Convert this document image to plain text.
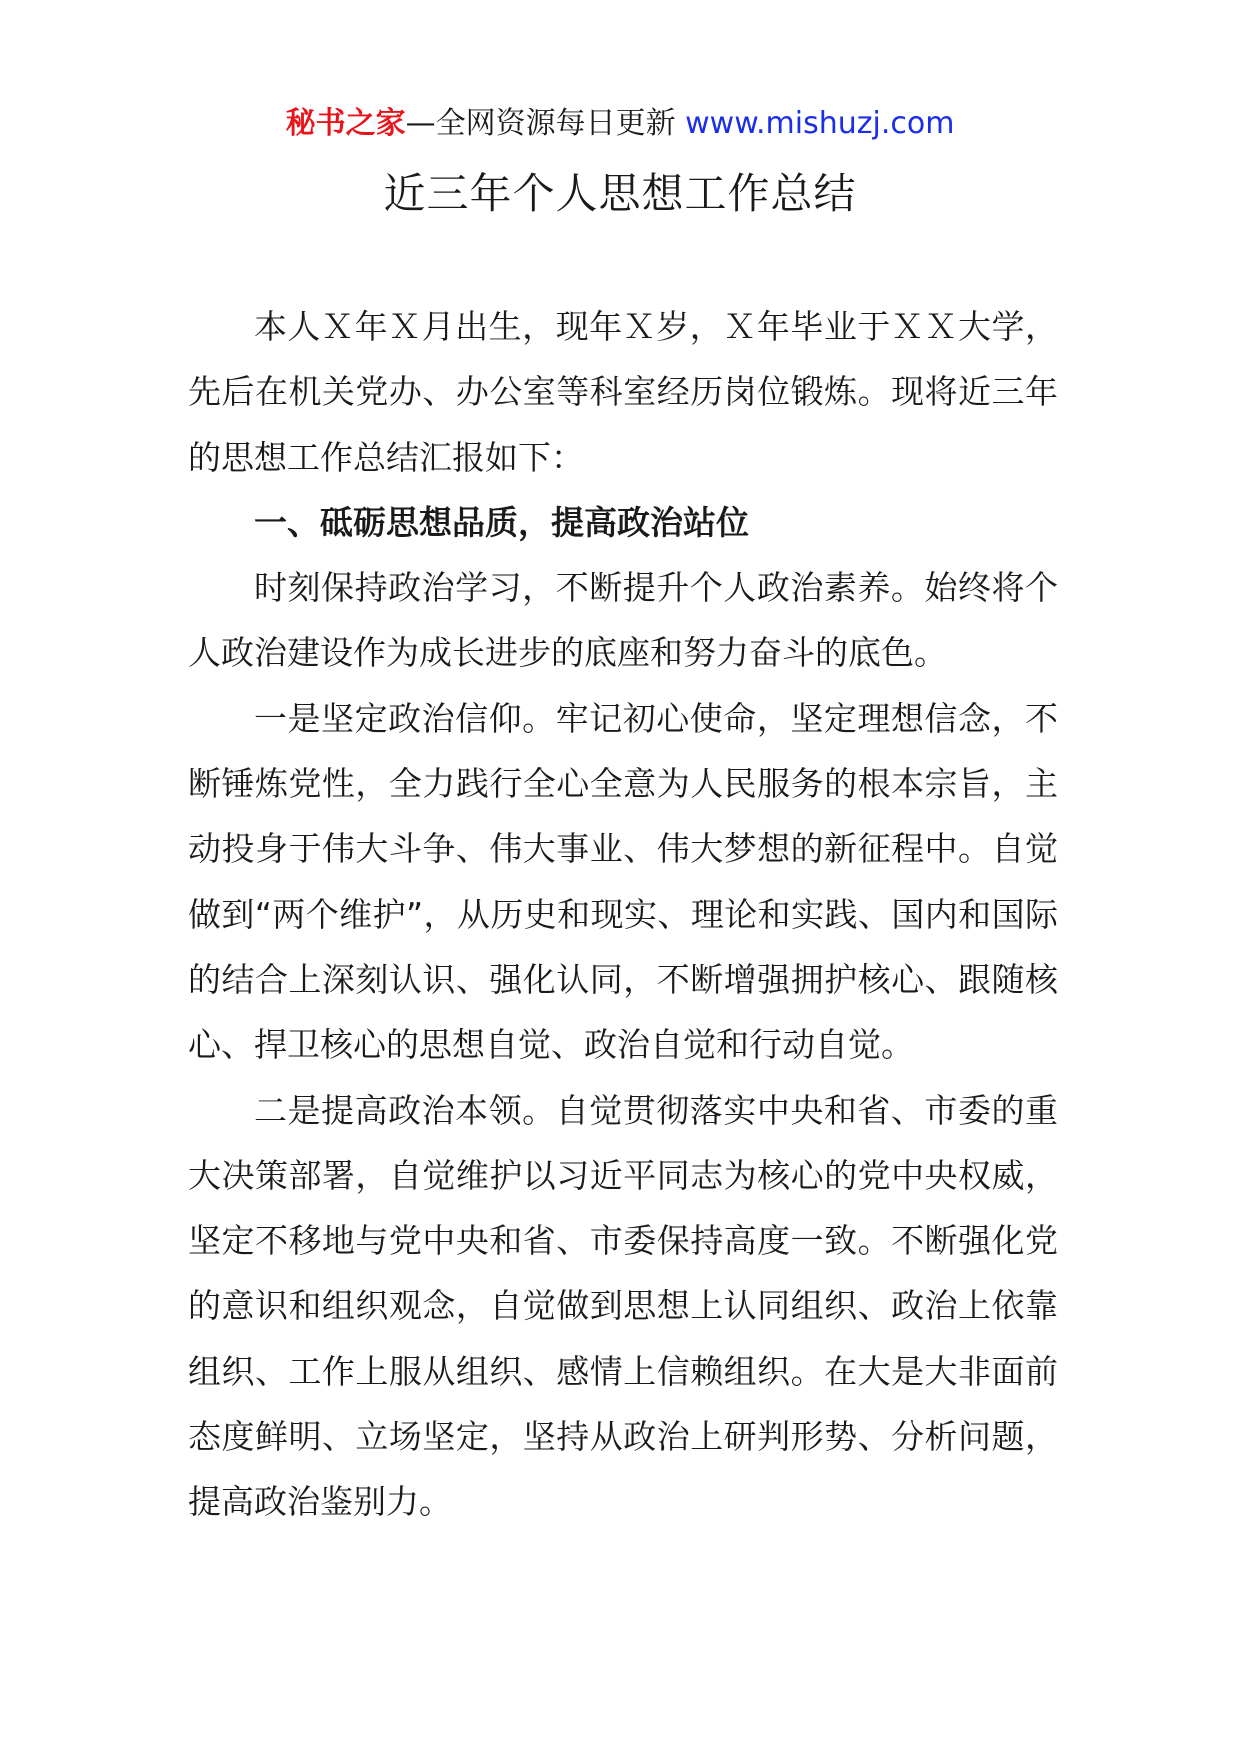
秘书之家—全网资源每日更新 www.mishuzj.com
近三年个人思想工作总结

本人Ｘ年Ｘ月出生，现年Ｘ岁，Ｘ年毕业于ＸＸ大学，先后在机关党办、办公室等科室经历岗位锻炼。现将近三年的思想工作总结汇报如下：

一、砥砺思想品质，提高政治站位

时刻保持政治学习，不断提升个人政治素养。始终将个人政治建设作为成长进步的底座和努力奋斗的底色。

一是坚定政治信仰。牢记初心使命，坚定理想信念，不断锤炼党性，全力践行全心全意为人民服务的根本宗旨，主动投身于伟大斗争、伟大事业、伟大梦想的新征程中。自觉做到“两个维护”，从历史和现实、理论和实践、国内和国际的结合上深刻认识、强化认同，不断增强拥护核心、跟随核心、捍卫核心的思想自觉、政治自觉和行动自觉。

二是提高政治本领。自觉贯彻落实中央和省、市委的重大决策部署，自觉维护以习近平同志为核心的党中央权威，坚定不移地与党中央和省、市委保持高度一致。不断强化党的意识和组织观念，自觉做到思想上认同组织、政治上依靠组织、工作上服从组织、感情上信赖组织。在大是大非面前态度鲜明、立场坚定，坚持从政治上研判形势、分析问题，提高政治鉴别力。
